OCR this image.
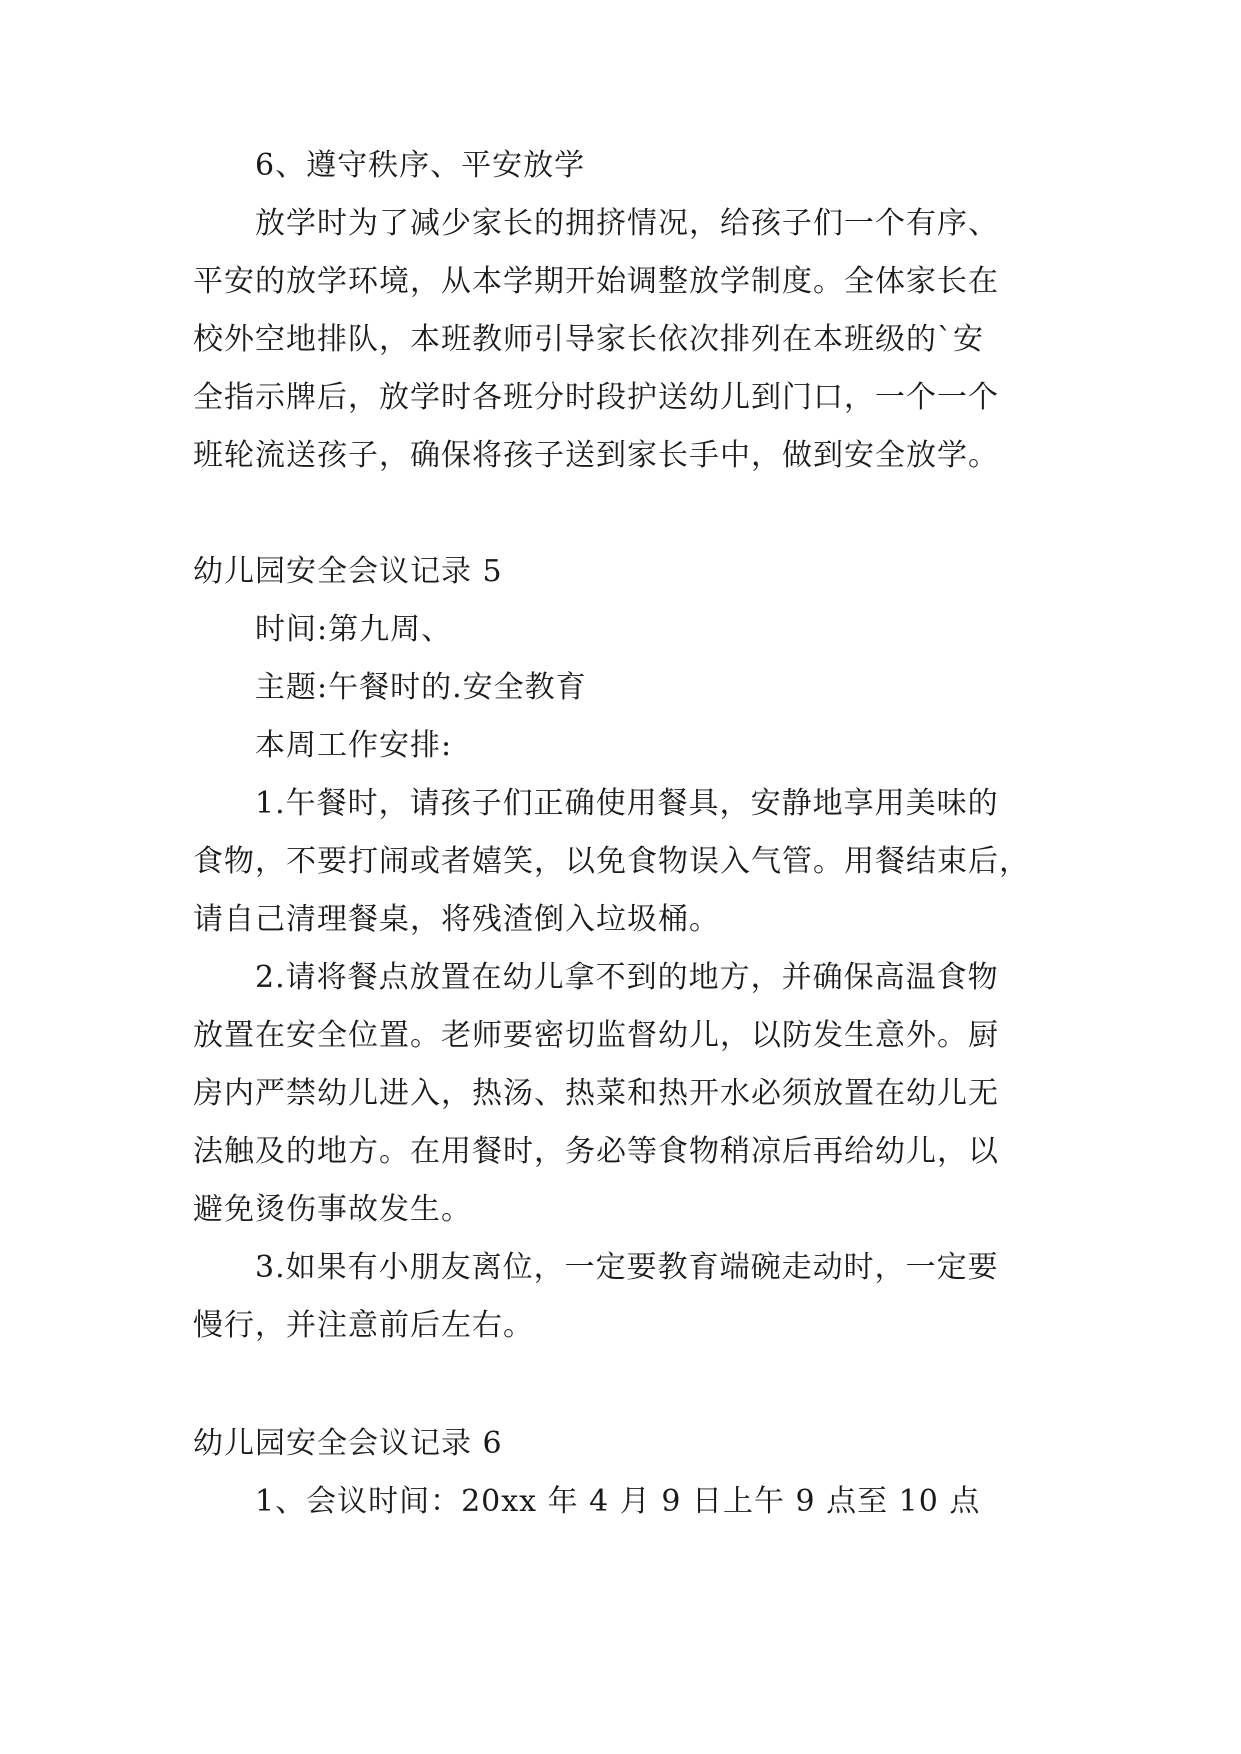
6、遵守秩序、平安放学
放学时为了减少家长的拥挤情况，给孩子们一个有序、
平安的放学环境，从本学期开始调整放学制度。全体家长在
校外空地排队，本班教师引导家长依次排列在本班级的`安
全指示牌后，放学时各班分时段护送幼儿到门口，一个一个
班轮流送孩子，确保将孩子送到家长手中，做到安全放学。
幼儿园安全会议记录 5
时间:第九周、
主题:午餐时的.安全教育
本周工作安排:
1.午餐时，请孩子们正确使用餐具，安静地享用美味的
食物，不要打闹或者嬉笑，以免食物误入气管。用餐结束后，
请自己清理餐桌，将残渣倒入垃圾桶。
2.请将餐点放置在幼儿拿不到的地方，并确保高温食物
放置在安全位置。老师要密切监督幼儿，以防发生意外。厨
房内严禁幼儿进入，热汤、热菜和热开水必须放置在幼儿无
法触及的地方。在用餐时，务必等食物稍凉后再给幼儿，以
避免烫伤事故发生。
3.如果有小朋友离位，一定要教育端碗走动时，一定要
慢行，并注意前后左右。
幼儿园安全会议记录 6
1、会议时间：20xx 年 4 月 9 日上午 9 点至 10 点
